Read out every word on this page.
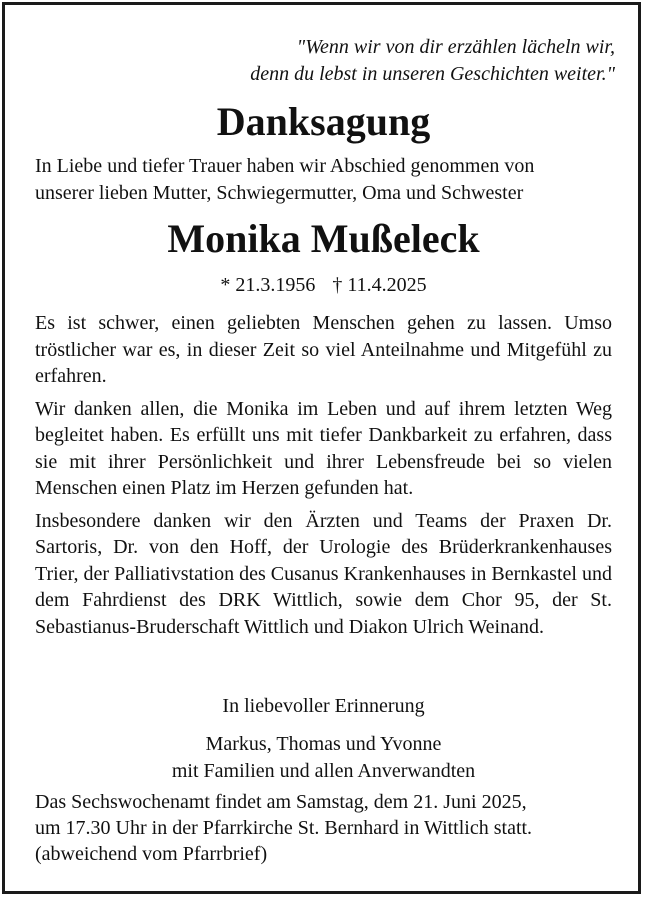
"Wenn wir von dir erzählen lächeln wir,
denn du lebst in unseren Geschichten weiter."
Danksagung
In Liebe und tiefer Trauer haben wir Abschied genommen von
unserer lieben Mutter, Schwiegermutter, Oma und Schwester
Monika Mußeleck
* 21.3.1956 † 11.4.2025

Es ist schwer, einen geliebten Menschen gehen zu lassen. Umso tröstlicher war es, in dieser Zeit so viel Anteilnahme und Mitgefühl zu erfahren.

Wir danken allen, die Monika im Leben und auf ihrem letzten Weg begleitet haben. Es erfüllt uns mit tiefer Dankbarkeit zu erfahren, dass sie mit ihrer Persönlichkeit und ihrer Lebensfreude bei so vielen Menschen einen Platz im Herzen gefunden hat.

Insbesondere danken wir den Ärzten und Teams der Praxen Dr. Sartoris, Dr. von den Hoff, der Urologie des Brüderkrankenhauses Trier, der Palliativstation des Cusanus Krankenhauses in Bernkastel und dem Fahrdienst des DRK Wittlich, sowie dem Chor 95, der St. Sebastianus-Bruderschaft Wittlich und Diakon Ulrich Weinand.

In liebevoller Erinnerung
Markus, Thomas und Yvonne
mit Familien und allen Anverwandten
Das Sechswochenamt findet am Samstag, dem 21. Juni 2025,
um 17.30 Uhr in der Pfarrkirche St. Bernhard in Wittlich statt.
(abweichend vom Pfarrbrief)
